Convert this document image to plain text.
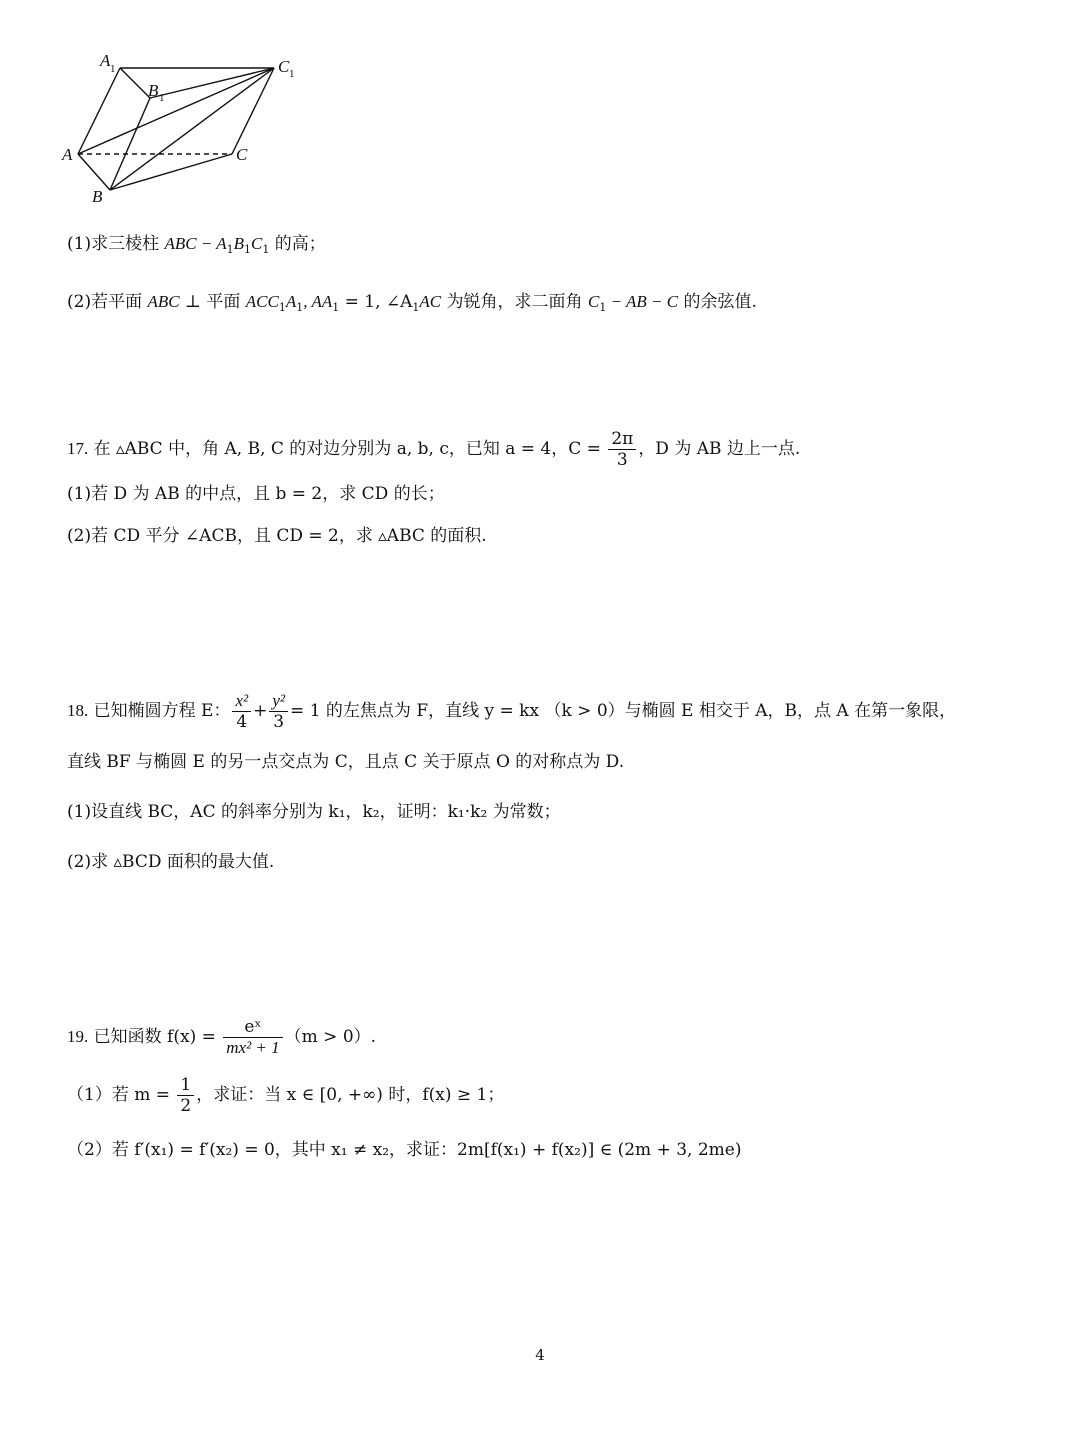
A 1
B 1
C 1
A	C
B
(1)求三棱柱 ABC − $A_1B_1C_1$ 的高；
(2)若平面 ABC ⊥ 平面 $ACC_1A_1$, $AA_1 = 1$, $\angle A_1AC$ 为锐角，求二面角 $C_1$ − AB − C 的余弦值.
17. 在 ▵ABC 中，角 A, B, C 的对边分别为 a, b, c，已知 a = 4，$C = \frac{2\pi}{3}$ ，D 为 AB 边上一点.
(1)若 D 为 AB 的中点，且 b = 2，求 CD 的长；
(2)若 CD 平分 ∠ACB，且 CD = 2，求 ▵ABC 的面积.
18. 已知椭圆方程 E： $\frac{\text{x²}}{4} + \frac{\text{y²}}{3} = 1$ 的左焦点为 F，直线 y = kx （k > 0）与椭圆 E 相交于 A，B，点 A 在第一象限，
直线 BF 与椭圆 E 的另一点交点为 C，且点 C 关于原点 O 的对称点为 D.
(1)设直线 BC，AC 的斜率分别为 k₁，k₂，证明：k₁·k₂ 为常数；
(2)求 ▵BCD 面积的最大值.
19. 已知函数 $f(x) = \frac{\text{eˣ}}{\text{mx² + 1}} (m > 0)$.
（1）若 $m = \frac{1}{2}$ ，求证：当 x ∈ [0, +∞) 时，f(x) ≥ 1；
（2）若 f′(x₁) = f′(x₂) = 0，其中 x₁ ≠ x₂，求证：2m[f(x₁) + f(x₂)] ∈ (2m + 3, 2me)
4
